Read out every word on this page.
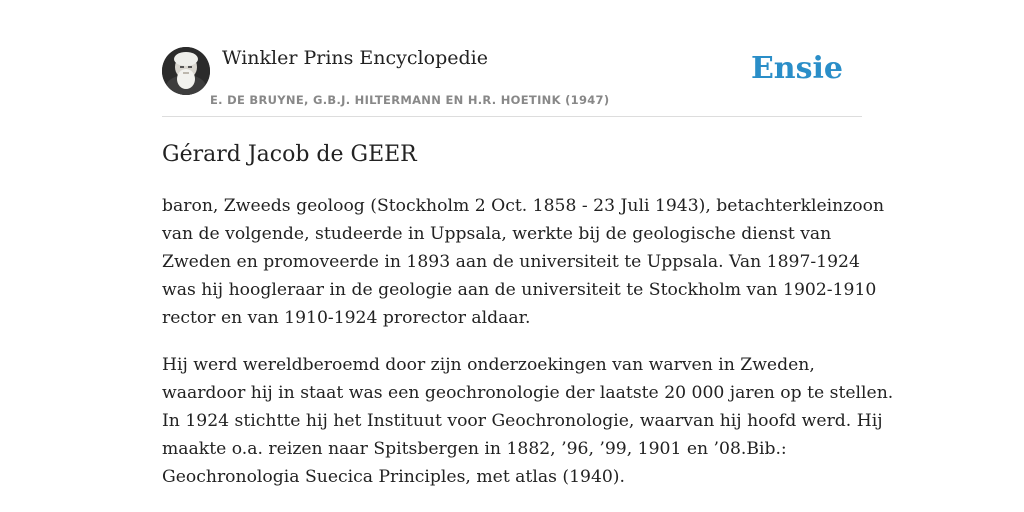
Winkler Prins Encyclopedie
E. DE BRUYNE, G.B.J. HILTERMANN EN H.R. HOETINK (1947)
Ensie
Gérard Jacob de GEER

baron, Zweeds geoloog (Stockholm 2 Oct. 1858 - 23 Juli 1943), betachterkleinzoon
van de volgende, studeerde in Uppsala, werkte bij de geologische dienst van
Zweden en promoveerde in 1893 aan de universiteit te Uppsala. Van 1897-1924
was hij hoogleraar in de geologie aan de universiteit te Stockholm van 1902-1910
rector en van 1910-1924 prorector aldaar.

Hij werd wereldberoemd door zijn onderzoekingen van warven in Zweden,
waardoor hij in staat was een geochronologie der laatste 20 000 jaren op te stellen.
In 1924 stichtte hij het Instituut voor Geochronologie, waarvan hij hoofd werd. Hij
maakte o.a. reizen naar Spitsbergen in 1882, ’96, ’99, 1901 en ’08.Bib.:
Geochronologia Suecica Principles, met atlas (1940).
